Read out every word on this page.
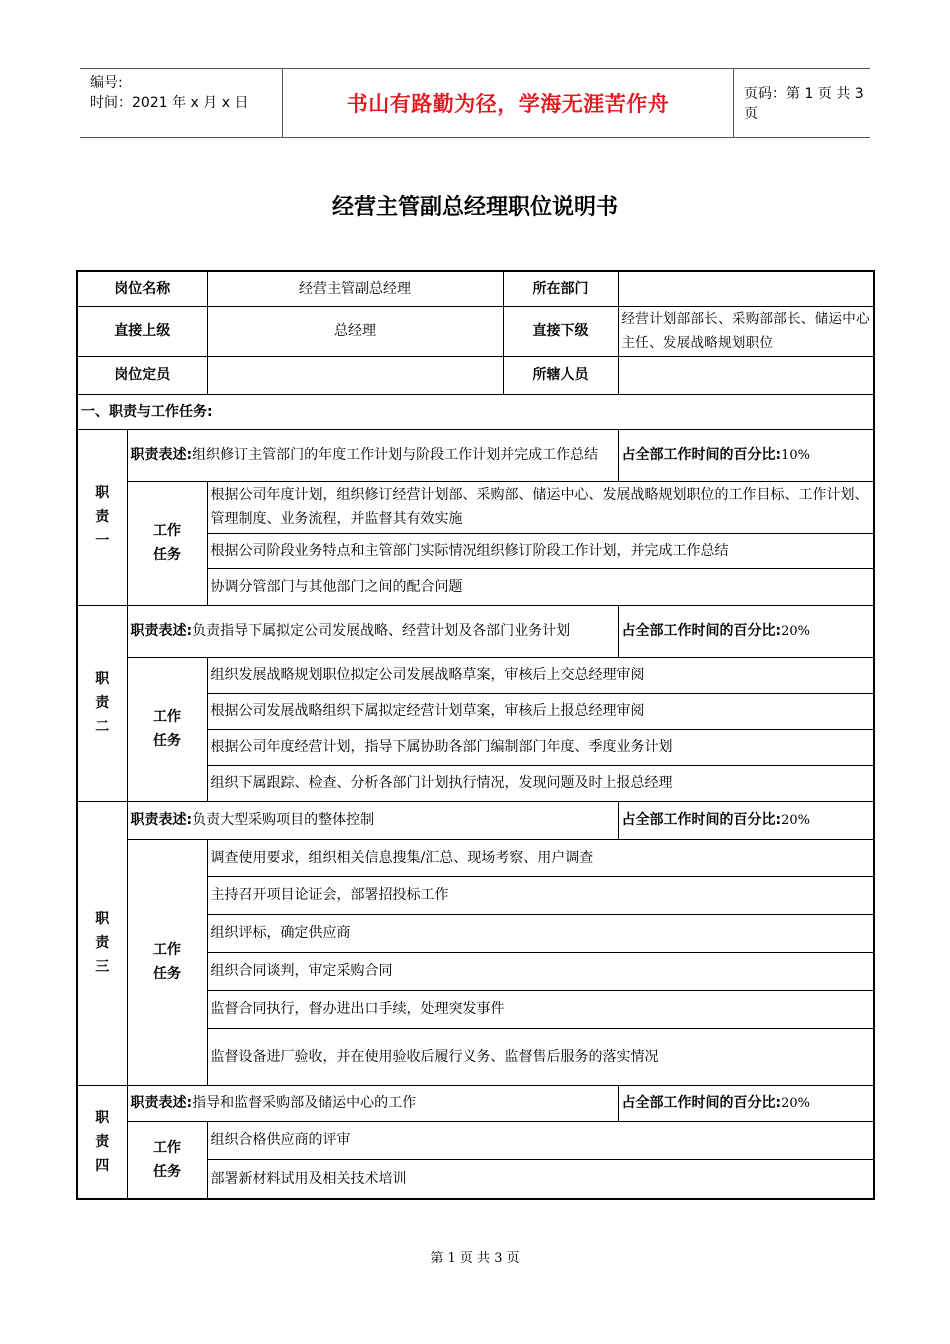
编号:
时间：2021 年 x 月 x 日	书山有路勤为径，学海无涯苦作舟	页码：第 1 页 共 3 页
经营主管副总经理职位说明书
岗位名称		经营主管副总经理	所在部门	
直接上级		总经理	直接下级	经营计划部部长、采购部部长、储运中心主任、发展战略规划职位
岗位定员			所辖人员	
一、职责与工作任务:				

职
责
一	职责表述:组织修订主管部门的年度工作计划与阶段工作计划并完成工作总结			占全部工作时间的百分比:10%

	工作
任务	根据公司年度计划，组织修订经营计划部、采购部、储运中心、发展战略规划职位的工作目标、工作计划、管理制度、业务流程，并监督其有效实施		
		根据公司阶段业务特点和主管部门实际情况组织修订阶段工作计划，并完成工作总结		
		协调分管部门与其他部门之间的配合问题		

职
责
二	职责表述:负责指导下属拟定公司发展战略、经营计划及各部门业务计划			占全部工作时间的百分比:20%

	工作
任务	组织发展战略规划职位拟定公司发展战略草案，审核后上交总经理审阅		
		根据公司发展战略组织下属拟定经营计划草案，审核后上报总经理审阅		
		根据公司年度经营计划，指导下属协助各部门编制部门年度、季度业务计划		
		组织下属跟踪、检查、分析各部门计划执行情况，发现问题及时上报总经理		

职
责
三	职责表述:负责大型采购项目的整体控制			占全部工作时间的百分比:20%

	工作
任务	调查使用要求，组织相关信息搜集/汇总、现场考察、用户调查		
		主持召开项目论证会，部署招投标工作		
		组织评标，确定供应商		
		组织合同谈判，审定采购合同		
		监督合同执行，督办进出口手续，处理突发事件		
		监督设备进厂验收，并在使用验收后履行义务、监督售后服务的落实情况		

职
责
四	职责表述:指导和监督采购部及储运中心的工作			占全部工作时间的百分比:20%

	工作
任务	组织合格供应商的评审		
		部署新材料试用及相关技术培训		
第 1 页 共 3 页
